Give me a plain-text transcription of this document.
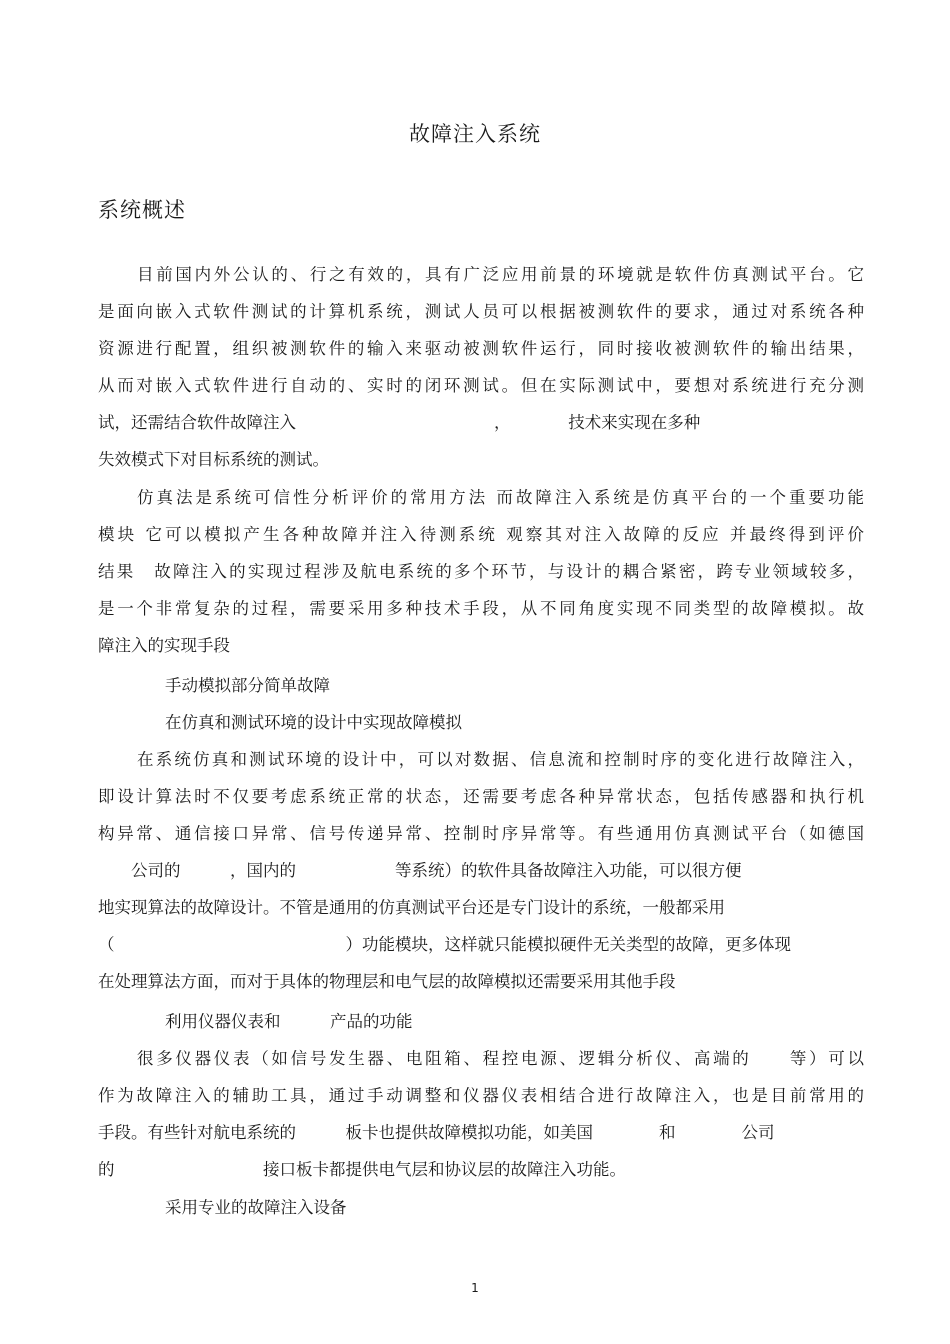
故障注入系统
系统概述
目前国内外公认的、行之有效的，具有广泛应用前景的环境就是软件仿真测试平台。它
是面向嵌入式软件测试的计算机系统，测试人员可以根据被测软件的要求，通过对系统各种
资源进行配置，组织被测软件的输入来驱动被测软件运行，同时接收被测软件的输出结果，
从而对嵌入式软件进行自动的、实时的闭环测试。但在实际测试中，要想对系统进行充分测
试，还需结合软件故障注入　　　　　　　　　　　　，　　　　技术来实现在多种
失效模式下对目标系统的测试。
仿真法是系统可信性分析评价的常用方法 而故障注入系统是仿真平台的一个重要功能
模块 它可以模拟产生各种故障并注入待测系统 观察其对注入故障的反应 并最终得到评价
结果　故障注入的实现过程涉及航电系统的多个环节，与设计的耦合紧密，跨专业领域较多，
是一个非常复杂的过程，需要采用多种技术手段，从不同角度实现不同类型的故障模拟。故
障注入的实现手段
手动模拟部分简单故障
在仿真和测试环境的设计中实现故障模拟
在系统仿真和测试环境的设计中，可以对数据、信息流和控制时序的变化进行故障注入，
即设计算法时不仅要考虑系统正常的状态，还需要考虑各种异常状态，包括传感器和执行机
构异常、通信接口异常、信号传递异常、控制时序异常等。有些通用仿真测试平台（如德国
　　公司的　　　，国内的　　　　　　等系统）的软件具备故障注入功能，可以很方便
地实现算法的故障设计。不管是通用的仿真测试平台还是专门设计的系统，一般都采用
（　　　　　　　　　　　　　　）功能模块，这样就只能模拟硬件无关类型的故障，更多体现
在处理算法方面，而对于具体的物理层和电气层的故障模拟还需要采用其他手段
利用仪器仪表和　　　产品的功能
很多仪器仪表（如信号发生器、电阻箱、程控电源、逻辑分析仪、高端的　　等）可以
作为故障注入的辅助工具，通过手动调整和仪器仪表相结合进行故障注入，也是目前常用的
手段。有些针对航电系统的　　　板卡也提供故障模拟功能，如美国　　　　和　　　　公司
的　　　　　　　　　接口板卡都提供电气层和协议层的故障注入功能。
采用专业的故障注入设备
1
